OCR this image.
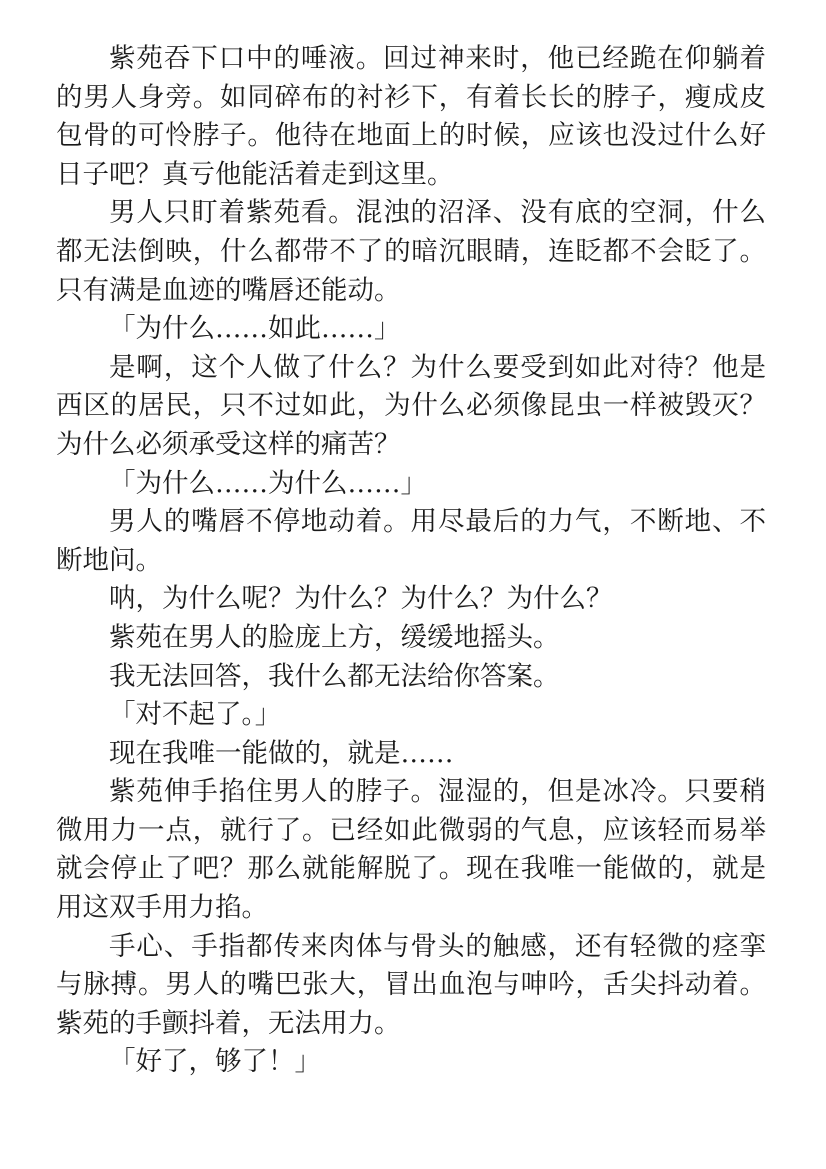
紫苑吞下口中的唾液。回过神来时，他已经跪在仰躺着的男人身旁。如同碎布的衬衫下，有着长长的脖子，瘦成皮包骨的可怜脖子。他待在地面上的时候，应该也没过什么好日子吧？真亏他能活着走到这里。

男人只盯着紫苑看。混浊的沼泽、没有底的空洞，什么都无法倒映，什么都带不了的暗沉眼睛，连眨都不会眨了。只有满是血迹的嘴唇还能动。

「为什么……如此……」

是啊，这个人做了什么？为什么要受到如此对待？他是西区的居民，只不过如此，为什么必须像昆虫一样被毁灭？为什么必须承受这样的痛苦？

「为什么……为什么……」

男人的嘴唇不停地动着。用尽最后的力气，不断地、不断地问。

呐，为什么呢？为什么？为什么？为什么？

紫苑在男人的脸庞上方，缓缓地摇头。

我无法回答，我什么都无法给你答案。

「对不起了。」

现在我唯一能做的，就是……

紫苑伸手掐住男人的脖子。湿湿的，但是冰冷。只要稍微用力一点，就行了。已经如此微弱的气息，应该轻而易举就会停止了吧？那么就能解脱了。现在我唯一能做的，就是用这双手用力掐。

手心、手指都传来肉体与骨头的触感，还有轻微的痉挛与脉搏。男人的嘴巴张大，冒出血泡与呻吟，舌尖抖动着。紫苑的手颤抖着，无法用力。

「好了，够了！」
